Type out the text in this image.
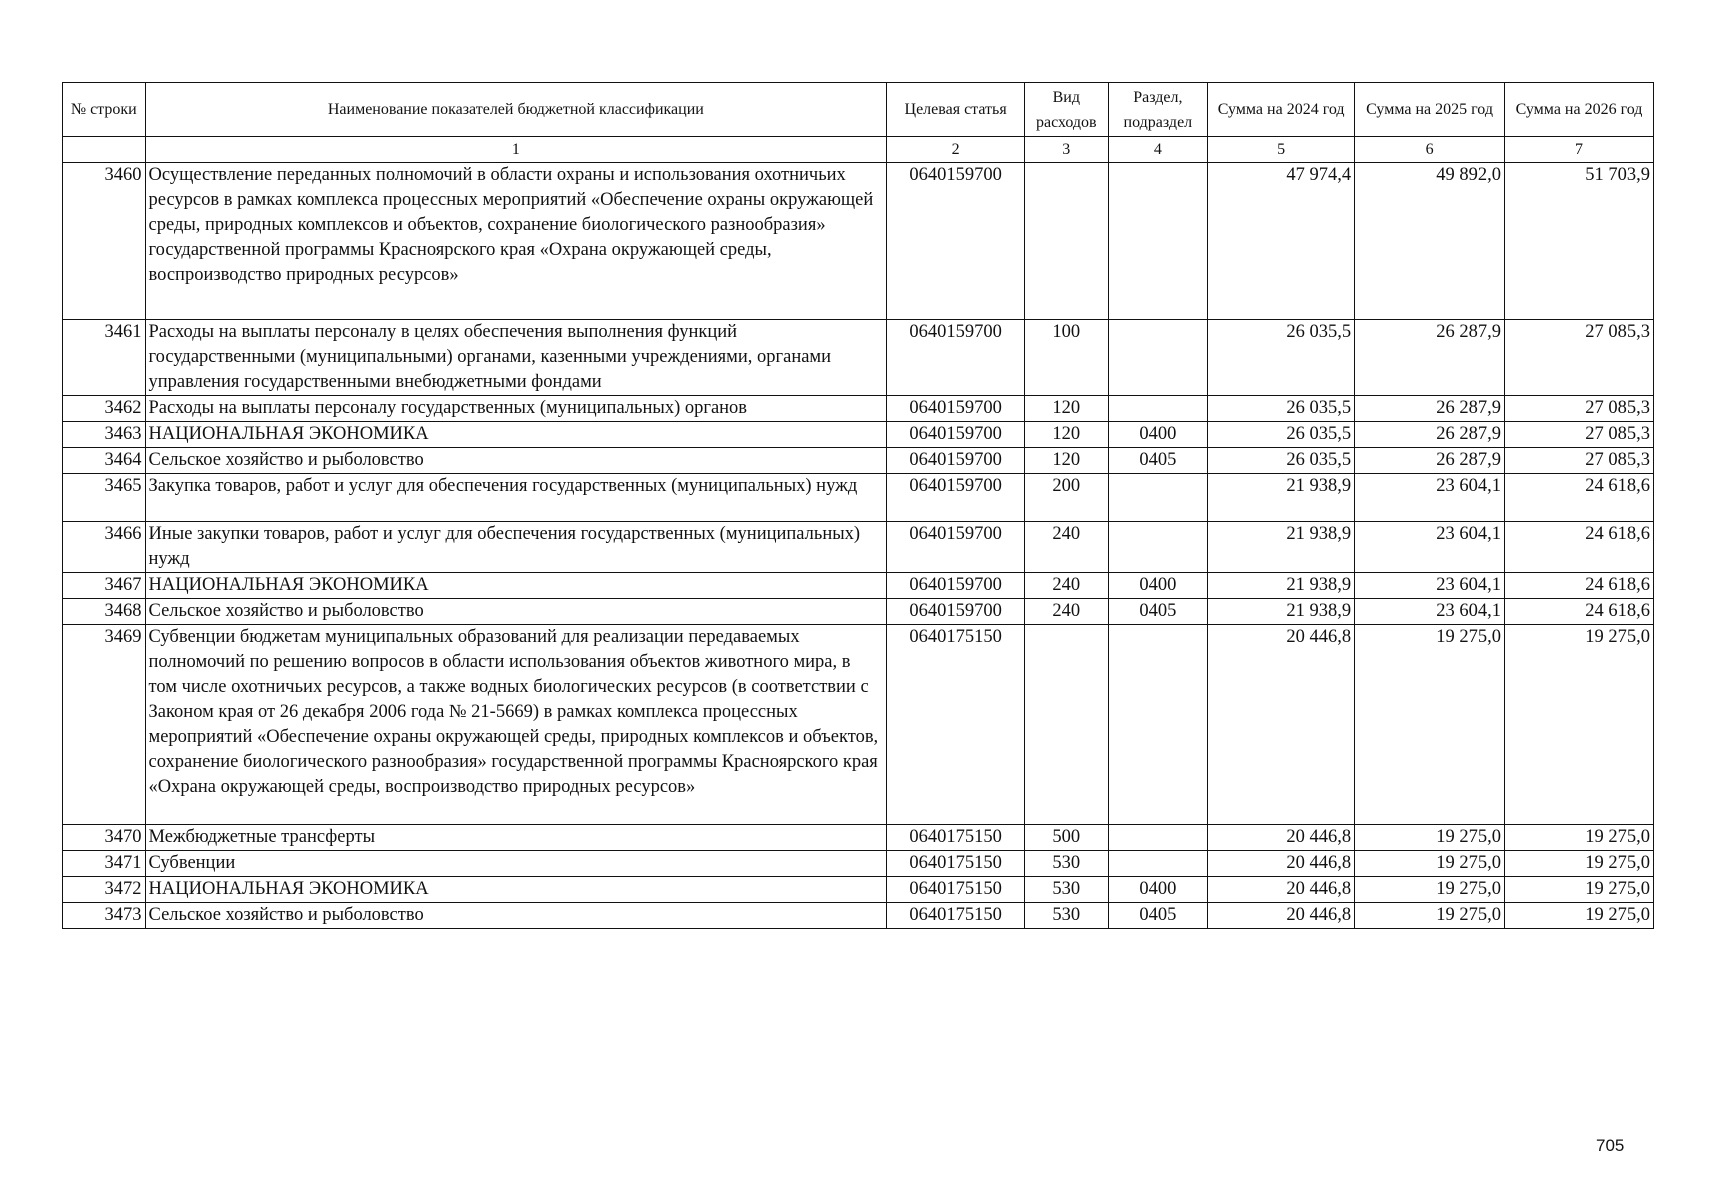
№ строки	Наименование показателей бюджетной классификации	Целевая статья	Вид расходов	Раздел, подраздел	Сумма на 2024 год	Сумма на 2025 год	Сумма на 2026 год
	1	2	3	4	5	6	7
3460	Осуществление переданных полномочий в области охраны и использования охотничьих ресурсов в рамках комплекса процессных мероприятий «Обеспечение охраны окружающей среды, природных комплексов и объектов, сохранение биологического разнообразия» государственной программы Красноярского края «Охрана окружающей среды, воспроизводство природных ресурсов»	0640159700			47 974,4	49 892,0	51 703,9
3461	Расходы на выплаты персоналу в целях обеспечения выполнения функций государственными (муниципальными) органами, казенными учреждениями, органами управления государственными внебюджетными фондами	0640159700	100		26 035,5	26 287,9	27 085,3
3462	Расходы на выплаты персоналу государственных (муниципальных) органов	0640159700	120		26 035,5	26 287,9	27 085,3
3463	НАЦИОНАЛЬНАЯ ЭКОНОМИКА	0640159700	120	0400	26 035,5	26 287,9	27 085,3
3464	Сельское хозяйство и рыболовство	0640159700	120	0405	26 035,5	26 287,9	27 085,3
3465	Закупка товаров, работ и услуг для обеспечения государственных (муниципальных) нужд	0640159700	200		21 938,9	23 604,1	24 618,6
3466	Иные закупки товаров, работ и услуг для обеспечения государственных (муниципальных) нужд	0640159700	240		21 938,9	23 604,1	24 618,6
3467	НАЦИОНАЛЬНАЯ ЭКОНОМИКА	0640159700	240	0400	21 938,9	23 604,1	24 618,6
3468	Сельское хозяйство и рыболовство	0640159700	240	0405	21 938,9	23 604,1	24 618,6
3469	Субвенции бюджетам муниципальных образований для реализации передаваемых полномочий по решению вопросов в области использования объектов животного мира, в том числе охотничьих ресурсов, а также водных биологических ресурсов (в соответствии с Законом края от 26 декабря 2006 года № 21-5669) в рамках комплекса процессных мероприятий «Обеспечение охраны окружающей среды, природных комплексов и объектов, сохранение биологического разнообразия» государственной программы Красноярского края «Охрана окружающей среды, воспроизводство природных ресурсов»	0640175150			20 446,8	19 275,0	19 275,0
3470	Межбюджетные трансферты	0640175150	500		20 446,8	19 275,0	19 275,0
3471	Субвенции	0640175150	530		20 446,8	19 275,0	19 275,0
3472	НАЦИОНАЛЬНАЯ ЭКОНОМИКА	0640175150	530	0400	20 446,8	19 275,0	19 275,0
3473	Сельское хозяйство и рыболовство	0640175150	530	0405	20 446,8	19 275,0	19 275,0
705
